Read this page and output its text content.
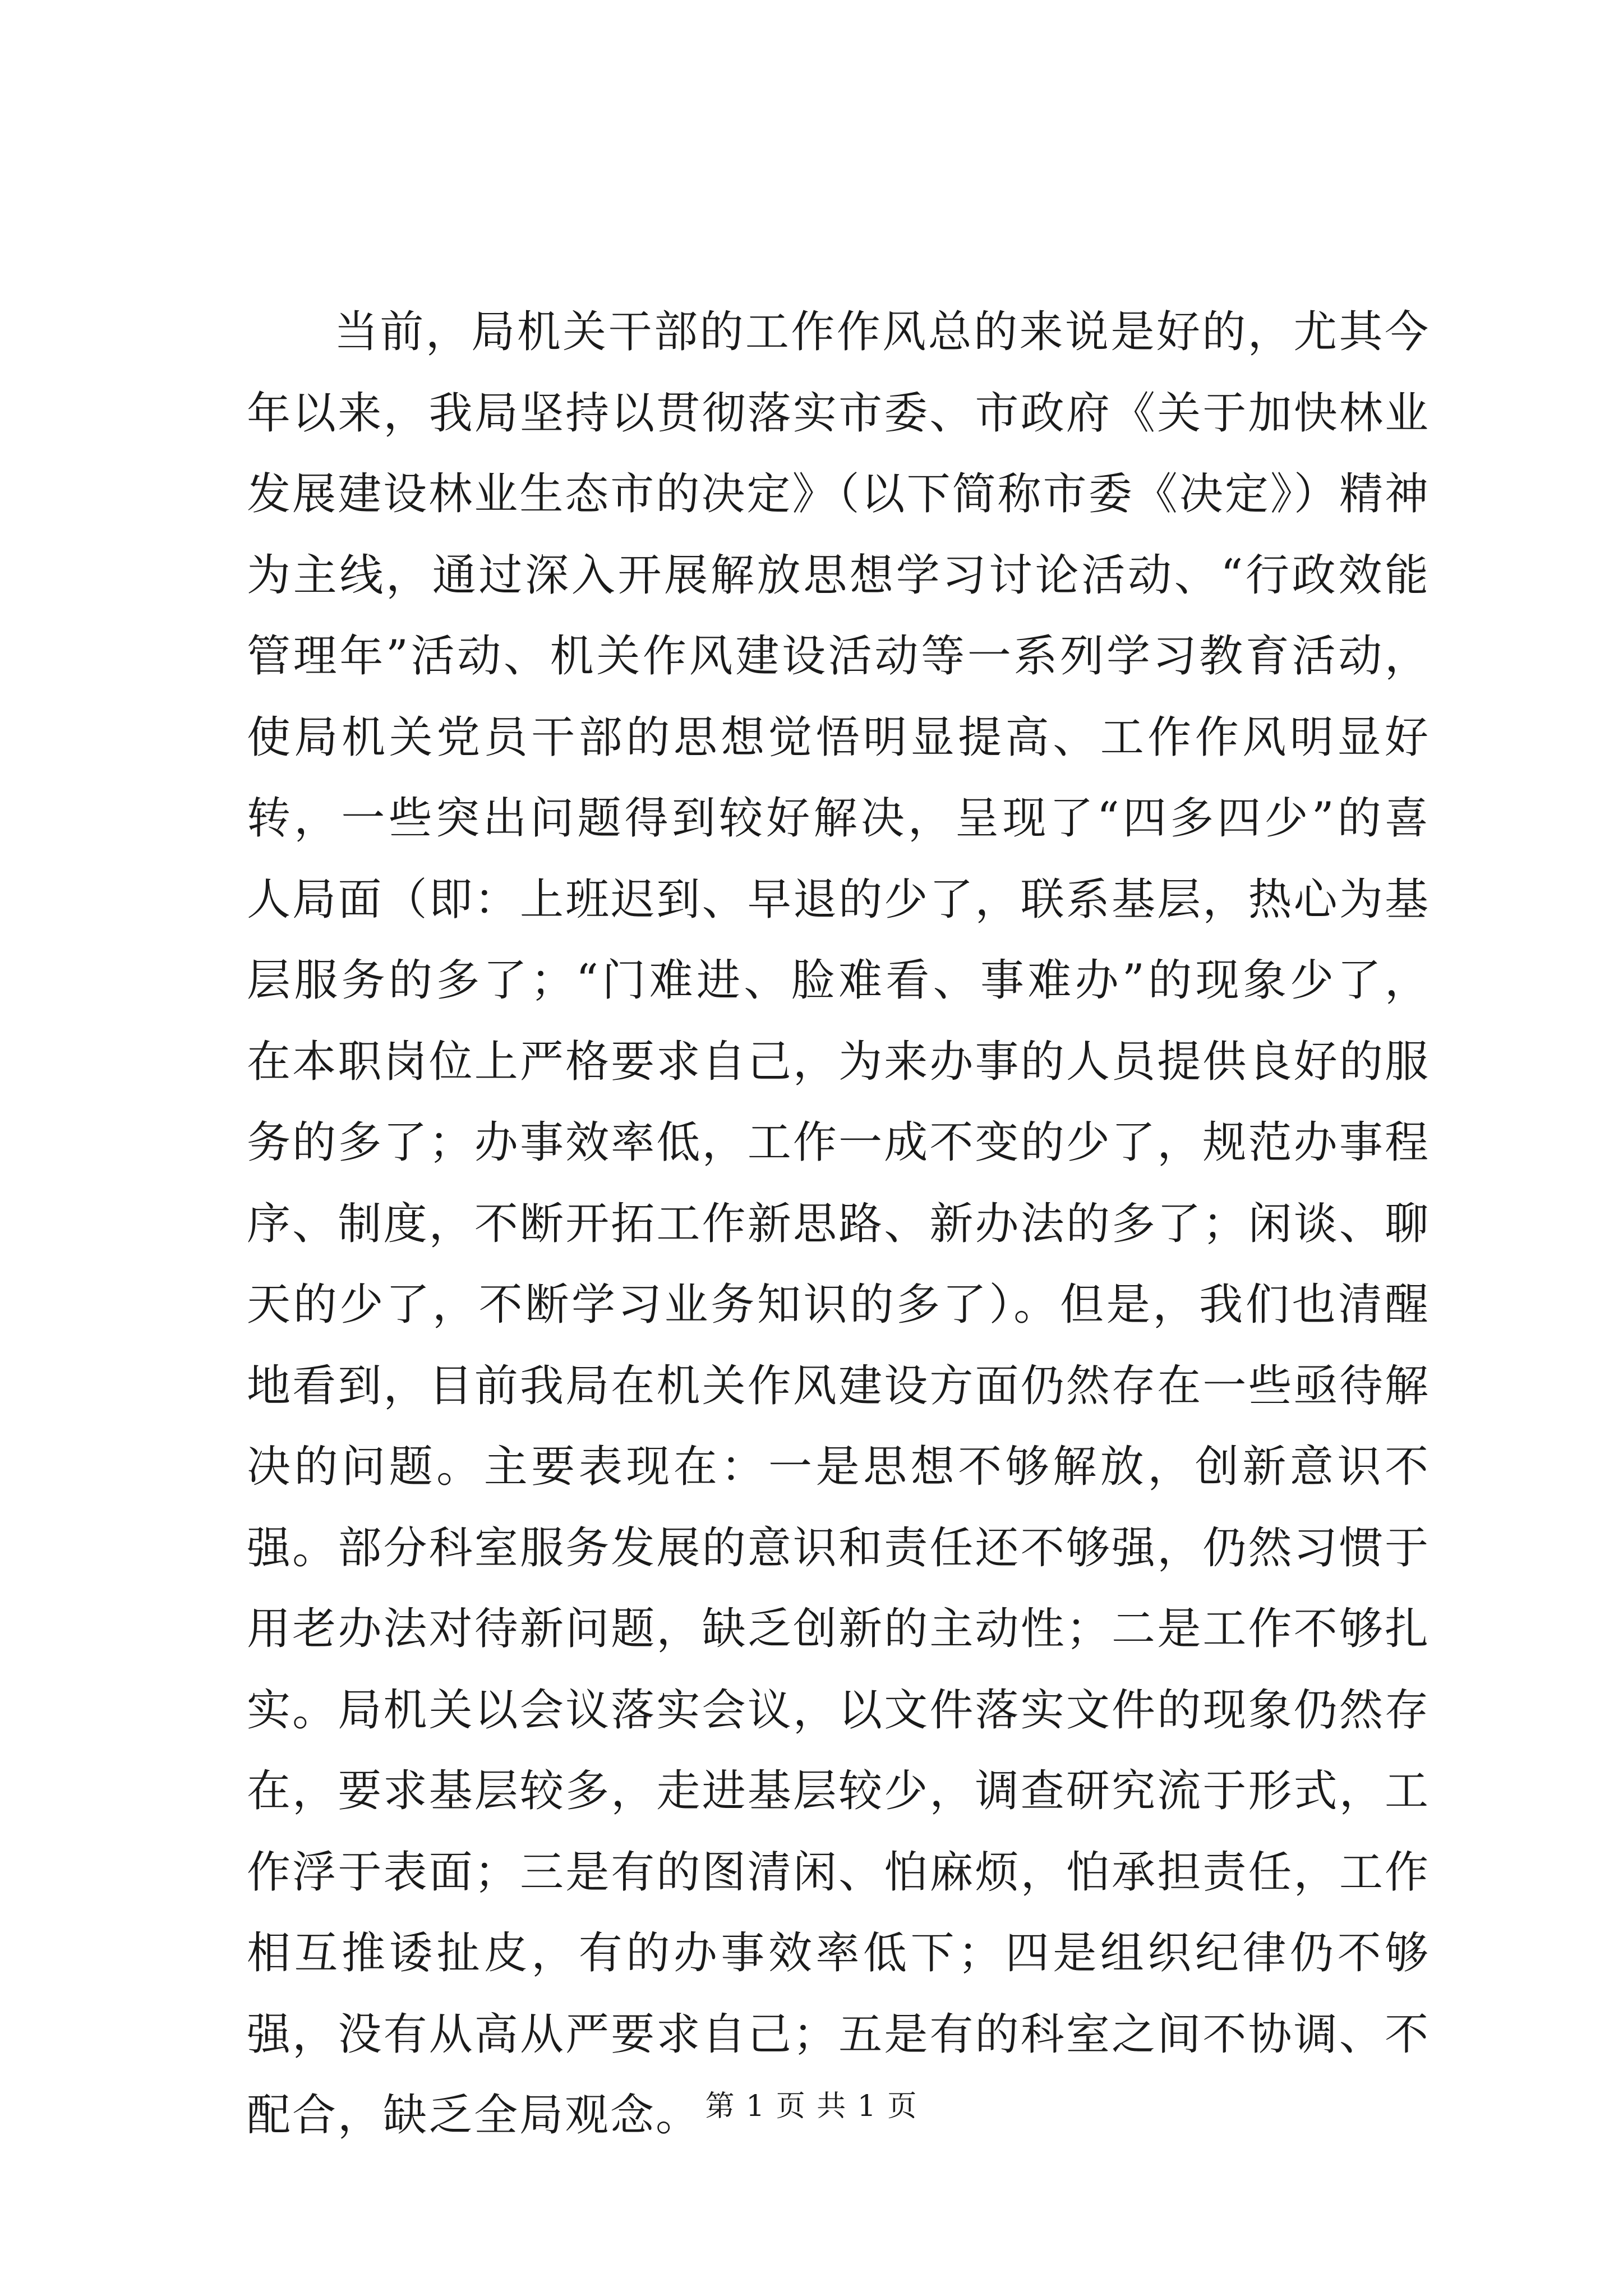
当前，局机关干部的工作作风总的来说是好的，尤其今年以来，我局坚持以贯彻落实市委、市政府《关于加快林业发展建设林业生态市的决定》（以下简称市委《决定》）精神为主线，通过深入开展解放思想学习讨论活动、“行政效能管理年”活动、机关作风建设活动等一系列学习教育活动，使局机关党员干部的思想觉悟明显提高、工作作风明显好转，一些突出问题得到较好解决，呈现了“四多四少”的喜人局面（即：上班迟到、早退的少了，联系基层，热心为基层服务的多了；“门难进、脸难看、事难办”的现象少了，在本职岗位上严格要求自己，为来办事的人员提供良好的服务的多了；办事效率低，工作一成不变的少了，规范办事程序、制度，不断开拓工作新思路、新办法的多了；闲谈、聊天的少了，不断学习业务知识的多了）。但是，我们也清醒地看到，目前我局在机关作风建设方面仍然存在一些亟待解决的问题。主要表现在：一是思想不够解放，创新意识不强。部分科室服务发展的意识和责任还不够强，仍然习惯于用老办法对待新问题，缺乏创新的主动性；二是工作不够扎实。局机关以会议落实会议，以文件落实文件的现象仍然存在，要求基层较多，走进基层较少，调查研究流于形式，工作浮于表面；三是有的图清闲、怕麻烦，怕承担责任，工作相互推诿扯皮，有的办事效率低下；四是组织纪律仍不够强，没有从高从严要求自己；五是有的科室之间不协调、不配合，缺乏全局观念。 第 1 页 共 1 页
